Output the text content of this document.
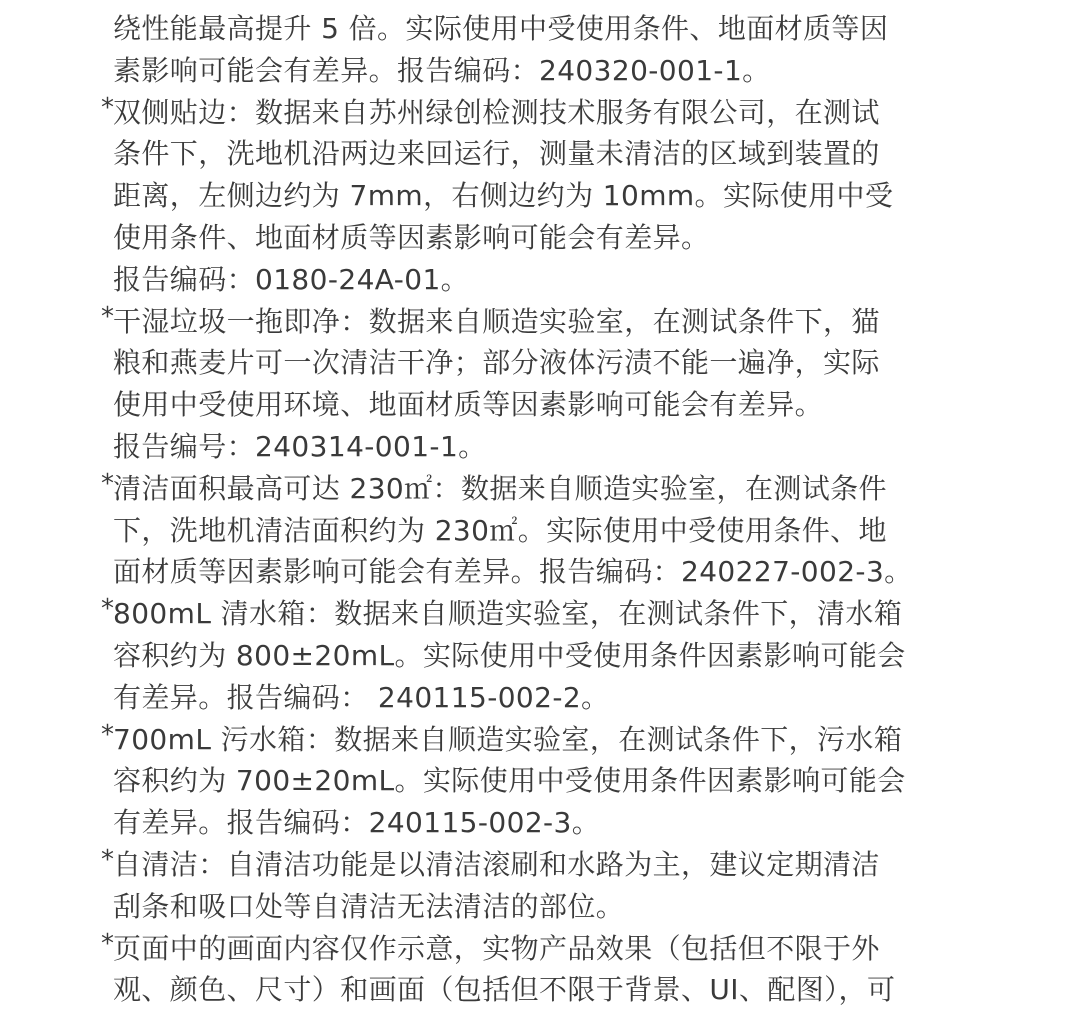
绕性能最高提升 5 倍。实际使用中受使用条件、地面材质等因
素影响可能会有差异。报告编码：240320-001-1。
*
双侧贴边：数据来自苏州绿创检测技术服务有限公司，在测试
条件下，洗地机沿两边来回运行，测量未清洁的区域到装置的
距离，左侧边约为 7mm，右侧边约为 10mm。实际使用中受
使用条件、地面材质等因素影响可能会有差异。
报告编码：0180-24A-01。
*
干湿垃圾一拖即净：数据来自顺造实验室，在测试条件下，猫
粮和燕麦片可一次清洁干净；部分液体污渍不能一遍净，实际
使用中受使用环境、地面材质等因素影响可能会有差异。
报告编号：240314-001-1。
*
清洁面积最高可达 230㎡：数据来自顺造实验室，在测试条件
下，洗地机清洁面积约为 230㎡。实际使用中受使用条件、地
面材质等因素影响可能会有差异。报告编码：240227-002-3。
*
800mL 清水箱：数据来自顺造实验室，在测试条件下，清水箱
容积约为 800±20mL。实际使用中受使用条件因素影响可能会
有差异。报告编码： 240115-002-2。
*
700mL 污水箱：数据来自顺造实验室，在测试条件下，污水箱
容积约为 700±20mL。实际使用中受使用条件因素影响可能会
有差异。报告编码：240115-002-3。
*
自清洁：自清洁功能是以清洁滚刷和水路为主，建议定期清洁
刮条和吸口处等自清洁无法清洁的部位。
*
页面中的画面内容仅作示意，实物产品效果（包括但不限于外
观、颜色、尺寸）和画面（包括但不限于背景、UI、配图），可
